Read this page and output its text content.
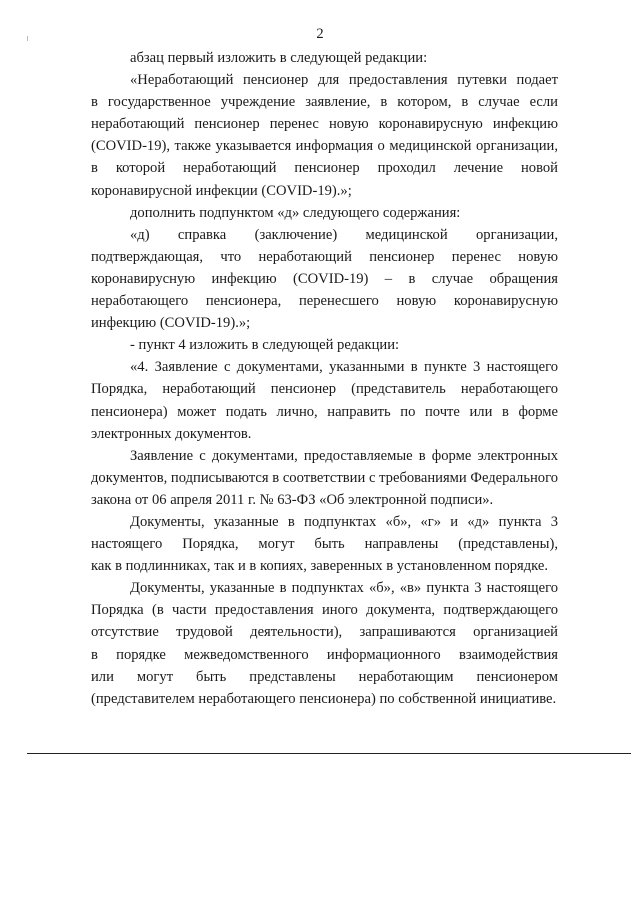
2
абзац первый изложить в следующей редакции:
«Неработающий пенсионер для предоставления путевки подает
в государственное учреждение заявление, в котором, в случае если
неработающий пенсионер перенес новую коронавирусную инфекцию
(COVID-19), также указывается информация о медицинской организации,
в которой неработающий пенсионер проходил лечение новой
коронавирусной инфекции (COVID-19).»;
дополнить подпунктом «д» следующего содержания:
«д) справка (заключение) медицинской организации,
подтверждающая, что неработающий пенсионер перенес новую
коронавирусную инфекцию (COVID-19) – в случае обращения
неработающего пенсионера, перенесшего новую коронавирусную
инфекцию (COVID-19).»;
- пункт 4 изложить в следующей редакции:
«4. Заявление с документами, указанными в пункте 3 настоящего
Порядка, неработающий пенсионер (представитель неработающего
пенсионера) может подать лично, направить по почте или в форме
электронных документов.
Заявление с документами, предоставляемые в форме электронных
документов, подписываются в соответствии с требованиями Федерального
закона от 06 апреля 2011 г. № 63-ФЗ «Об электронной подписи».
Документы, указанные в подпунктах «б», «г» и «д» пункта 3
настоящего Порядка, могут быть направлены (представлены),
как в подлинниках, так и в копиях, заверенных в установленном порядке.
Документы, указанные в подпунктах «б», «в» пункта 3 настоящего
Порядка (в части предоставления иного документа, подтверждающего
отсутствие трудовой деятельности), запрашиваются организацией
в порядке межведомственного информационного взаимодействия
или могут быть представлены неработающим пенсионером
(представителем неработающего пенсионера) по собственной инициативе.
